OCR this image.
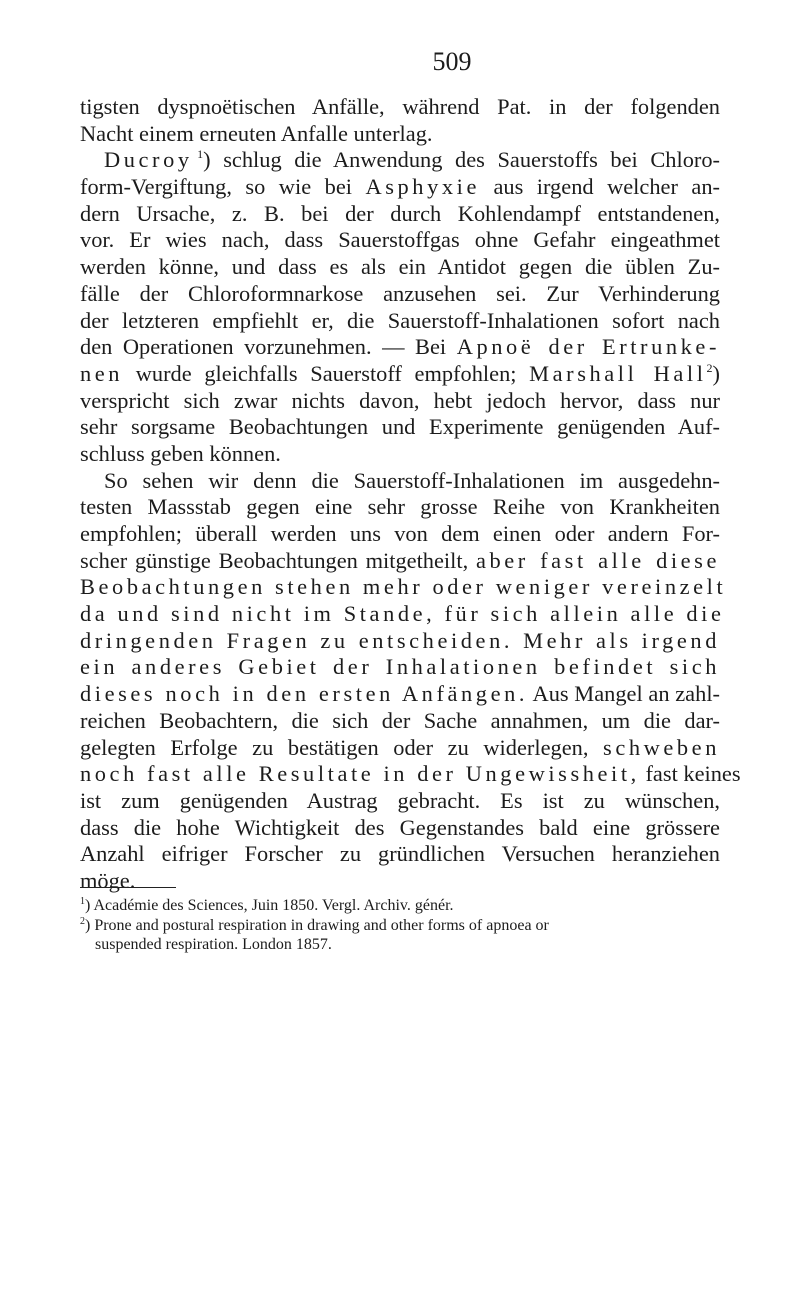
509
tigsten dyspnoëtischen Anfälle, während Pat. in der folgenden
Nacht einem erneuten Anfalle unterlag.
Ducroy  $^1$) schlug die Anwendung des Sauerstoffs bei Chloro-
form-Vergiftung, so wie bei Asphyxie aus irgend welcher an-
dern Ursache, z. B. bei der durch Kohlendampf entstandenen,
vor. Er wies nach, dass Sauerstoffgas ohne Gefahr eingeathmet
werden könne, und dass es als ein Antidot gegen die üblen Zu-
fälle der Chloroformnarkose anzusehen sei. Zur Verhinderung
der letzteren empfiehlt er, die Sauerstoff-Inhalationen sofort nach
den Operationen vorzunehmen. — Bei Apnoë der Ertrunke-
nen wurde gleichfalls Sauerstoff empfohlen; Marshall Hall$^2$)
verspricht sich zwar nichts davon, hebt jedoch hervor, dass nur
sehr sorgsame Beobachtungen und Experimente genügenden Auf-
schluss geben können.
So sehen wir denn die Sauerstoff-Inhalationen im ausgedehn-
testen Massstab gegen eine sehr grosse Reihe von Krankheiten
empfohlen; überall werden uns von dem einen oder andern For-
scher günstige Beobachtungen mitgetheilt, aber fast alle diese
Beobachtungen stehen mehr oder weniger vereinzelt
da und sind nicht im Stande, für sich allein alle die
dringenden Fragen zu entscheiden. Mehr als irgend
ein anderes Gebiet der Inhalationen befindet sich
dieses noch in den ersten Anfängen. Aus Mangel an zahl-
reichen Beobachtern, die sich der Sache annahmen, um die dar-
gelegten Erfolge zu bestätigen oder zu widerlegen, schweben
noch fast alle Resultate in der Ungewissheit, fast keines
ist zum genügenden Austrag gebracht. Es ist zu wünschen,
dass die hohe Wichtigkeit des Gegenstandes bald eine grössere
Anzahl eifriger Forscher zu gründlichen Versuchen heranziehen
möge.
$^1$) Académie des Sciences, Juin 1850. Vergl. Archiv. génér.
$^2$) Prone and postural respiration in drawing and other forms of apnoea or
suspended respiration. London 1857.
